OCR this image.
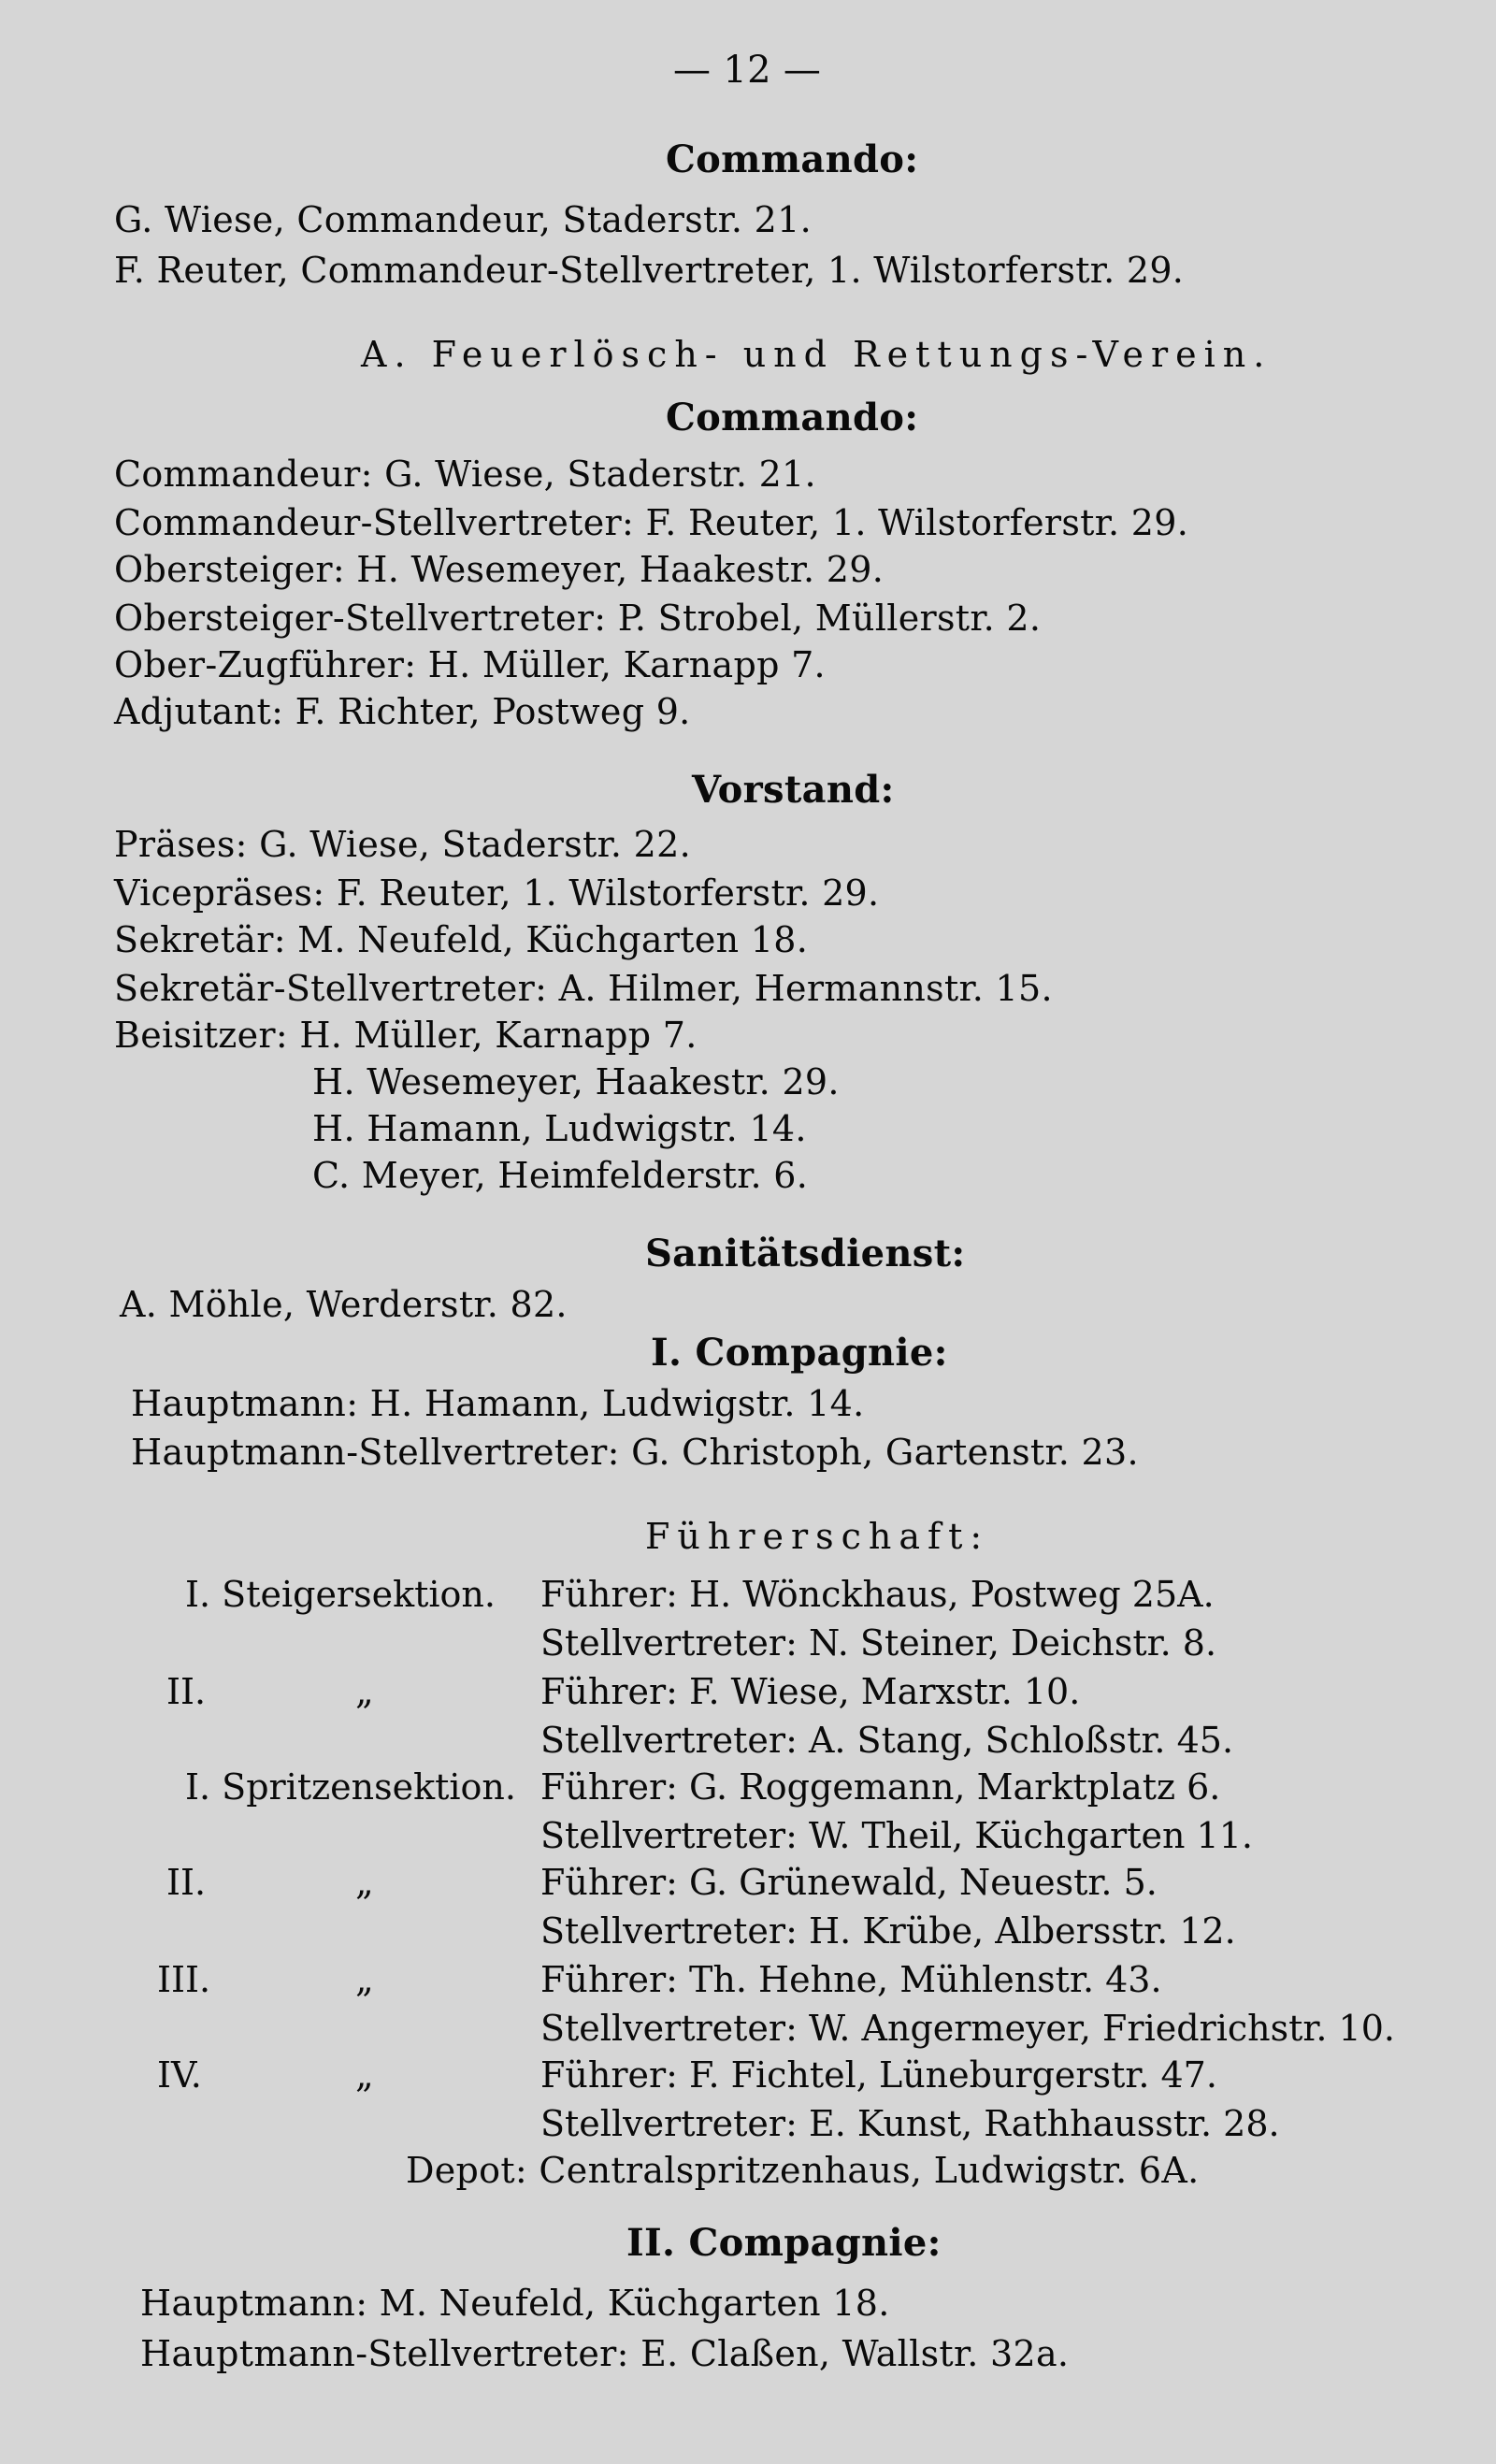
— 12 —
Commando:
G. Wiese, Commandeur, Staderstr. 21.
F. Reuter, Commandeur-Stellvertreter, 1. Wilstorferstr. 29.
A. Feuerlösch- und Rettungs-Verein.
Commando:
Commandeur: G. Wiese, Staderstr. 21.
Commandeur-Stellvertreter: F. Reuter, 1. Wilstorferstr. 29.
Obersteiger: H. Wesemeyer, Haakestr. 29.
Obersteiger-Stellvertreter: P. Strobel, Müllerstr. 2.
Ober-Zugführer: H. Müller, Karnapp 7.
Adjutant: F. Richter, Postweg 9.
Vorstand:
Präses: G. Wiese, Staderstr. 22.
Vicepräses: F. Reuter, 1. Wilstorferstr. 29.
Sekretär: M. Neufeld, Küchgarten 18.
Sekretär-Stellvertreter: A. Hilmer, Hermannstr. 15.
Beisitzer: H. Müller, Karnapp 7.
H. Wesemeyer, Haakestr. 29.
H. Hamann, Ludwigstr. 14.
C. Meyer, Heimfelderstr. 6.
Sanitätsdienst:
A. Möhle, Werderstr. 82.
I. Compagnie:
Hauptmann: H. Hamann, Ludwigstr. 14.
Hauptmann-Stellvertreter: G. Christoph, Gartenstr. 23.
Führerschaft:
I. Steigersektion. Führer: H. Wönckhaus, Postweg 25A.
Stellvertreter: N. Steiner, Deichstr. 8.
II.	„	Führer: F. Wiese, Marxstr. 10.
Stellvertreter: A. Stang, Schloßstr. 45.
I. Spritzensektion. Führer: G. Roggemann, Marktplatz 6.
Stellvertreter: W. Theil, Küchgarten 11.
II.	„	Führer: G. Grünewald, Neuestr. 5.
Stellvertreter: H. Krübe, Albersstr. 12.
III.	„	Führer: Th. Hehne, Mühlenstr. 43.
Stellvertreter: W. Angermeyer, Friedrichstr. 10.
IV.	„	Führer: F. Fichtel, Lüneburgerstr. 47.
Stellvertreter: E. Kunst, Rathhausstr. 28.
Depot: Centralspritzenhaus, Ludwigstr. 6A.
II. Compagnie:
Hauptmann: M. Neufeld, Küchgarten 18.
Hauptmann-Stellvertreter: E. Claßen, Wallstr. 32a.
